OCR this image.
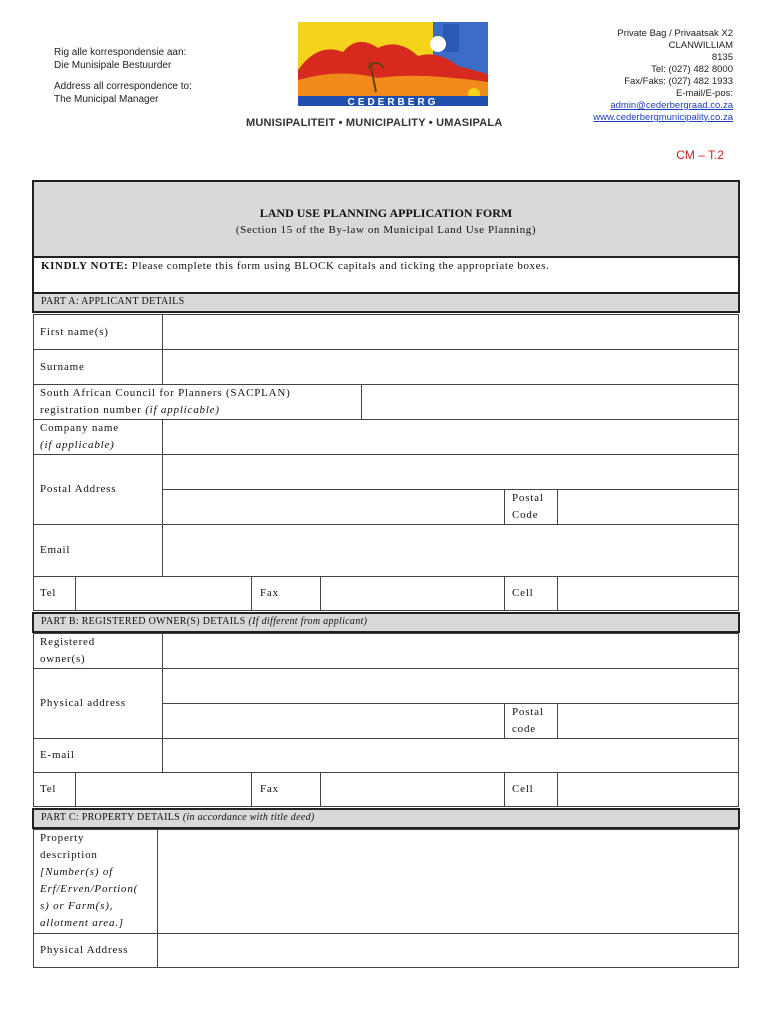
Rig alle korrespondensie aan:
Die Munisipale Bestuurder
Address all correspondence to:
The Municipal Manager	CEDERBERG
MUNISIPALITEIT • MUNICIPALITY • UMASIPALA
Private Bag / Privaatsak X2
CLANWILLIAM
8135
Tel: (027) 482 8000
Fax/Faks: (027) 482 1933
E-mail/E-pos:
admin@cederbergraad.co.za
www.cederbergmunicipality.co.za
CM – T.2
LAND USE PLANNING APPLICATION FORM
(Section 15 of the By-law on Municipal Land Use Planning)
KINDLY NOTE: Please complete this form using BLOCK capitals and ticking the appropriate boxes.
PART A: APPLICANT DETAILS
First name(s)
Surname
South African Council for Planners (SACPLAN)
registration number (if applicable)
Company name
(if applicable)
Postal Address
Postal
Code
Email
Tel	Fax	Cell
PART B: REGISTERED OWNER(S) DETAILS (If different from applicant)
Registered
owner(s)
Physical address
Postal
code
E-mail
Tel	Fax	Cell
PART C: PROPERTY DETAILS (in accordance with title deed)
Property
description
[Number(s) of
Erf/Erven/Portion(
s) or Farm(s),
allotment area.]
Physical Address
